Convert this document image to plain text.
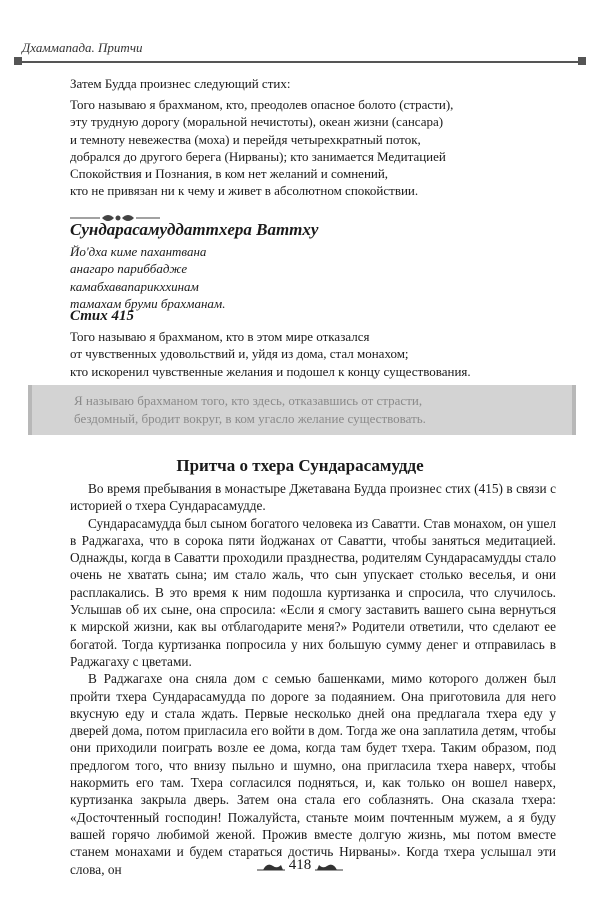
Дхаммапада. Притчи

Затем Будда произнес следующий стих:

Того называю я брахманом, кто, преодолев опасное болото (страсти),

эту трудную дорогу (моральной нечистоты), океан жизни (сансара)

и темноту невежества (моха) и перейдя четырехкратный поток,

добрался до другого берега (Нирваны); кто занимается Медитацией

Спокойствия и Познания, в ком нет желаний и сомнений,

кто не привязан ни к чему и живет в абсолютном спокойствии.

Сундарасамуддаттхера Ваттху

Йо'дха киме пахантвана

анагаро париббадже

камабхавапарикххинам

тамахам бруми брахманам.

Стих 415

Того называю я брахманом, кто в этом мире отказался

от чувственных удовольствий и, уйдя из дома, стал монахом;

кто искоренил чувственные желания и подошел к концу существования.

Я называю брахманом того, кто здесь, отказавшись от страсти,

бездомный, бродит вокруг, в ком угасло желание существовать.

Притча о тхера Сундарасамудде

Во время пребывания в монастыре Джетавана Будда произнес стих (415) в связи с историей о тхера Сундарасамудде.

Сундарасамудда был сыном богатого человека из Саватти. Став монахом, он ушел в Раджагаха, что в сорока пяти йоджанах от Саватти, чтобы заняться медитацией. Однажды, когда в Саватти проходили празднества, родителям Сундарасамудды стало очень не хватать сына; им стало жаль, что сын упускает столько веселья, и они расплакались. В это время к ним подошла куртизанка и спросила, что случилось. Услышав об их сыне, она спросила: «Если я смогу заставить вашего сына вернуться к мирской жизни, как вы отблагодарите меня?» Родители ответили, что сделают ее богатой. Тогда куртизанка попросила у них большую сумму денег и отправилась в Раджагаху с цветами.

В Раджагахе она сняла дом с семью башенками, мимо которого должен был пройти тхера Сундарасамудда по дороге за подаянием. Она приготовила для него вкусную еду и стала ждать. Первые несколько дней она предлагала тхера еду у дверей дома, потом пригласила его войти в дом. Тогда же она заплатила детям, чтобы они приходили поиграть возле ее дома, когда там будет тхера. Таким образом, под предлогом того, что внизу пыльно и шумно, она пригласила тхера наверх, чтобы накормить его там. Тхера согласился подняться, и, как только он вошел наверх, куртизанка закрыла дверь. Затем она стала его соблазнять. Она сказала тхера: «Досточтенный господин! Пожалуйста, станьте моим почтенным мужем, а я буду вашей горячо любимой женой. Прожив вместе долгую жизнь, мы потом вместе станем монахами и будем стараться достичь Нирваны». Когда тхера услышал эти слова, он	418
